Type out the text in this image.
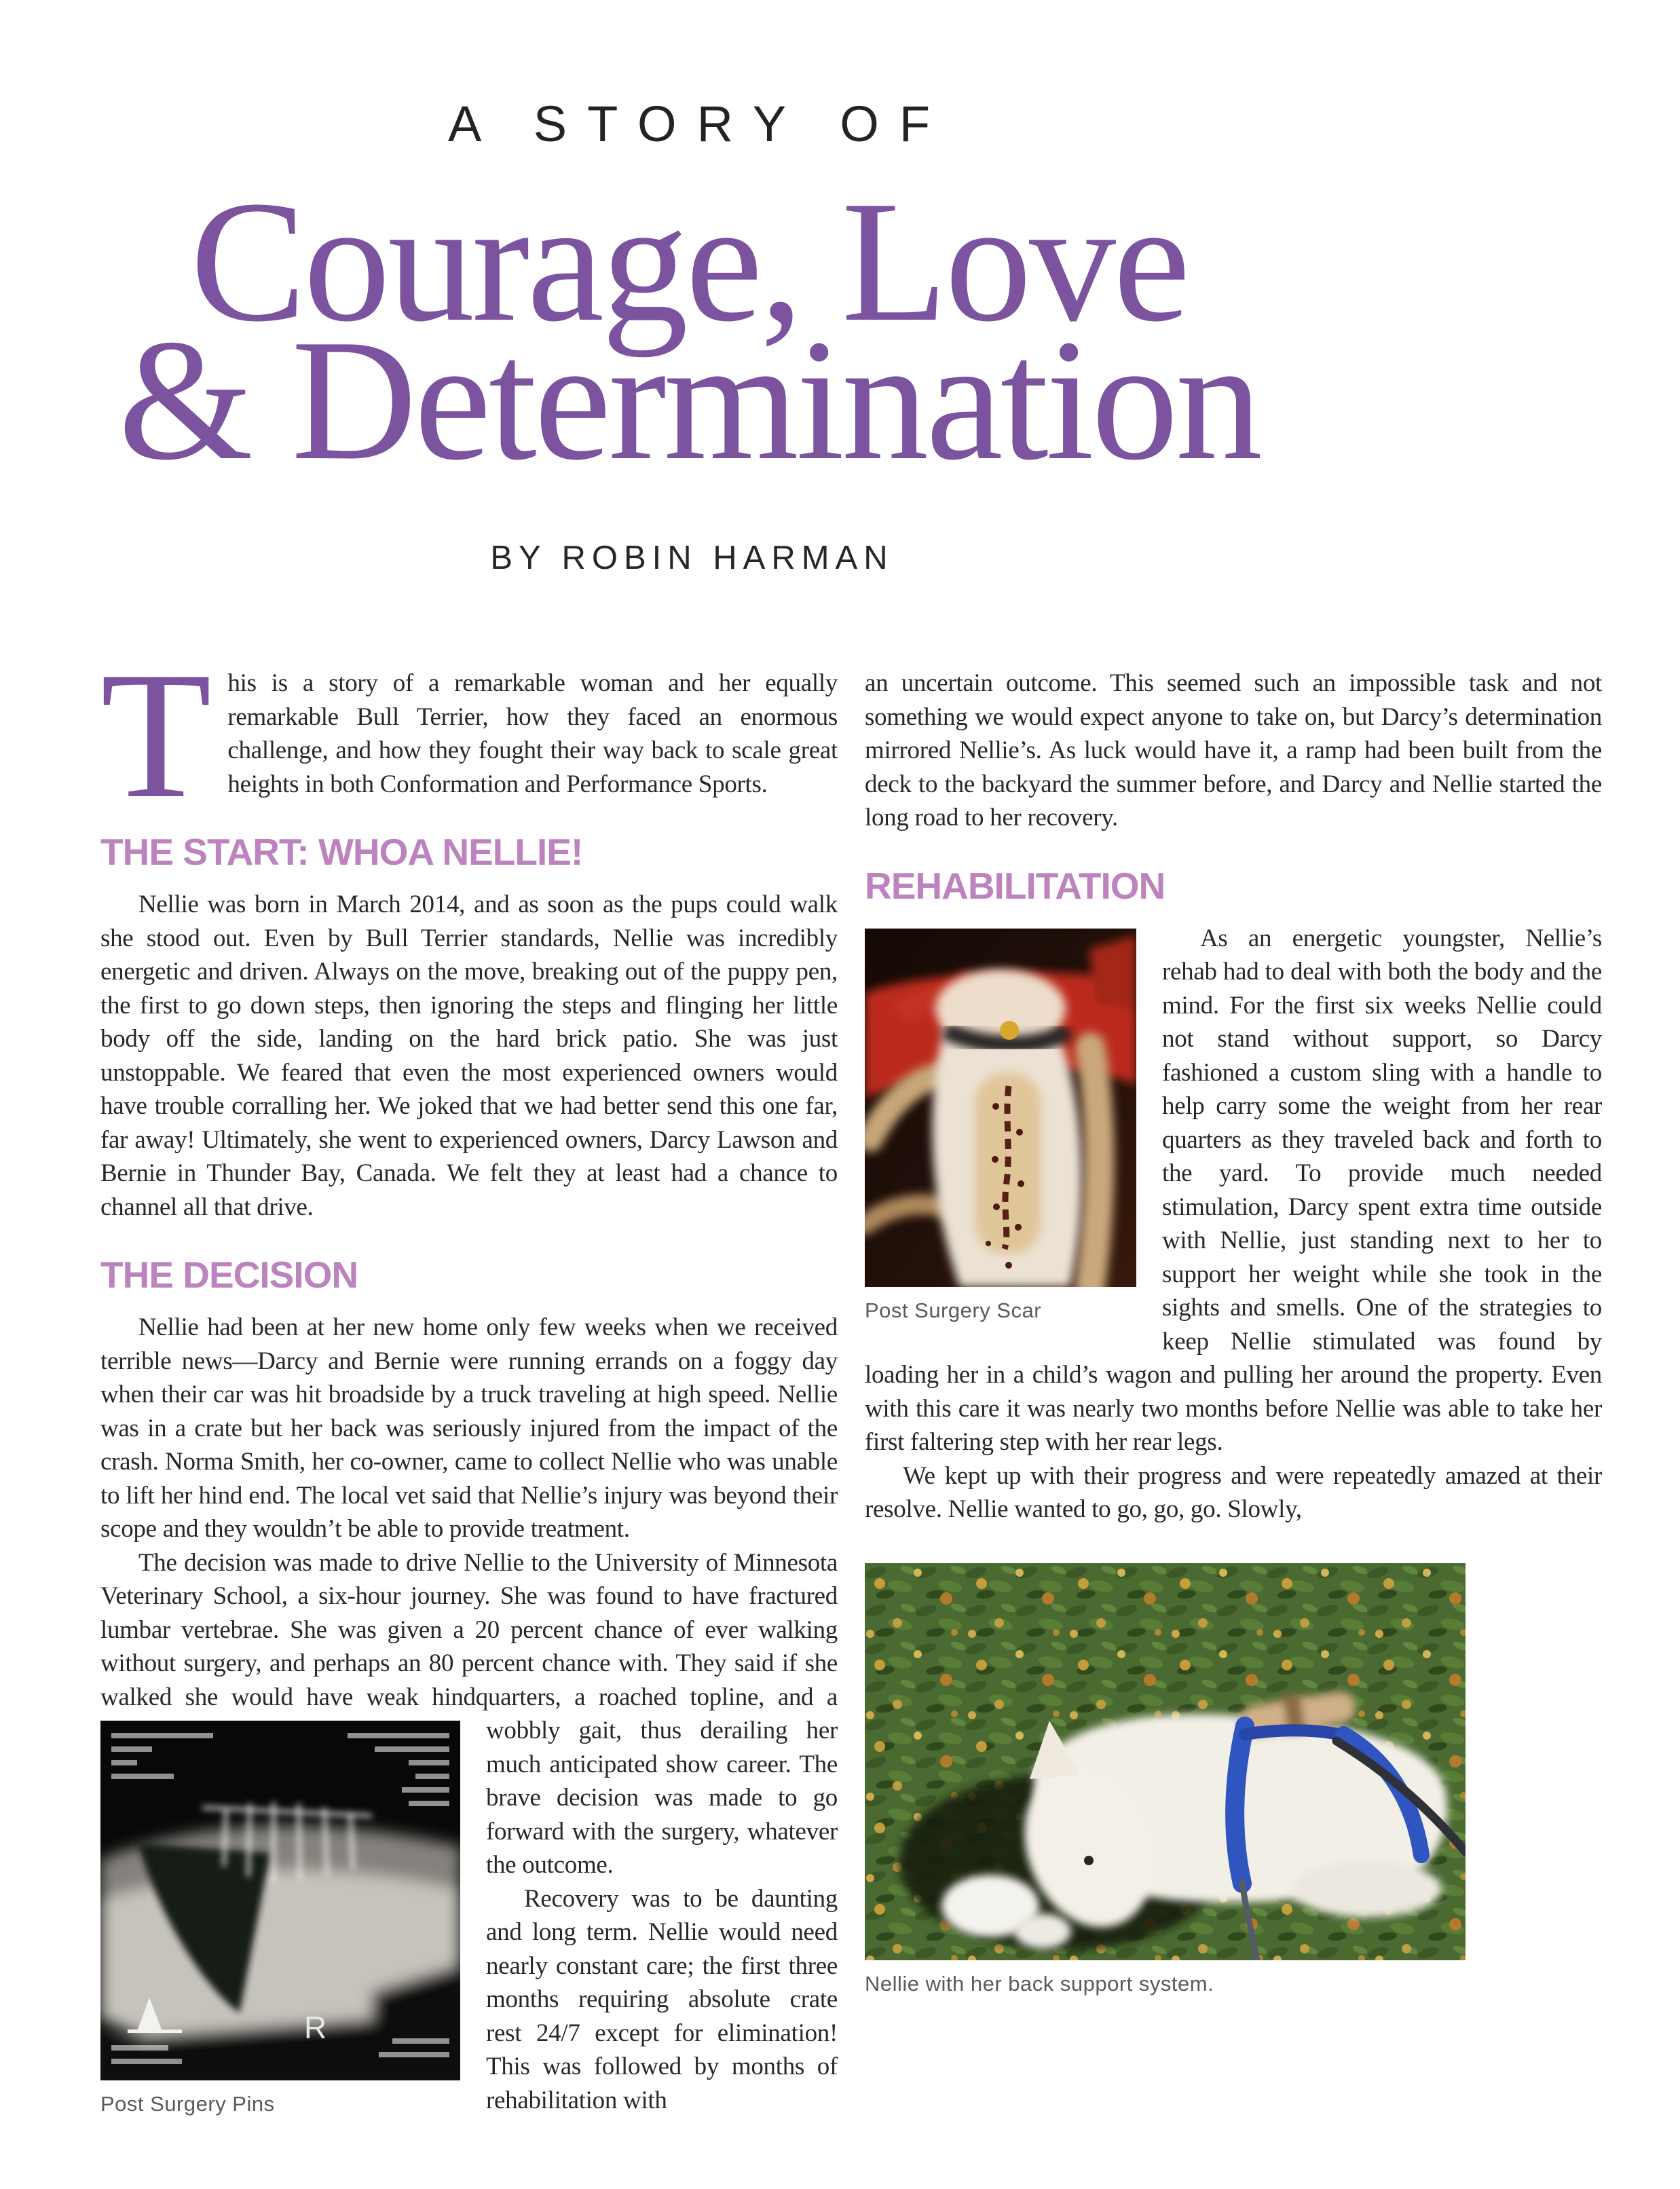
A STORY OF
Courage, Love
& Determination
BY ROBIN HARMAN

This is a story of a remarkable woman and her equally remarkable Bull Terrier, how they faced an enormous challenge, and how they fought their way back to scale great heights in both Conformation and Performance Sports.

THE START: WHOA NELLIE!

Nellie was born in March 2014, and as soon as the pups could walk she stood out. Even by Bull Terrier standards, Nellie was incredibly energetic and driven. Always on the move, breaking out of the puppy pen, the first to go down steps, then ignoring the steps and flinging her little body off the side, landing on the hard brick patio. She was just unstoppable. We feared that even the most experienced owners would have trouble corralling her. We joked that we had better send this one far, far away! Ultimately, she went to experienced owners, Darcy Lawson and Bernie in Thunder Bay, Canada. We felt they at least had a chance to channel all that drive.

THE DECISION

Nellie had been at her new home only few weeks when we received terrible news—Darcy and Bernie were running errands on a foggy day when their car was hit broadside by a truck traveling at high speed. Nellie was in a crate but her back was seriously injured from the impact of the crash. Norma Smith, her co-owner, came to collect Nellie who was unable to lift her hind end. The local vet said that Nellie’s injury was beyond their scope and they wouldn’t be able to provide treatment.

The decision was made to drive Nellie to the University of Minnesota Veterinary School, a six-hour journey. She was found to have fractured lumbar vertebrae. She was given a 20 percent chance of ever walking without surgery, and perhaps an 80 percent chance with. They said if she walked she would have weak hindquarters, a roached topline,
R
Post Surgery Pins
and a wobbly gait, thus derailing her much anticipated show career. The brave decision was made to go forward with the surgery, whatever the outcome.

Recovery was to be daunting and long term. Nellie would need nearly constant care; the first three months requiring absolute crate rest 24/7 except for elimination! This was followed by months of rehabilitation with

an uncertain outcome. This seemed such an impossible task and not something we would expect anyone to take on, but Darcy’s determination mirrored Nellie’s. As luck would have it, a ramp had been built from the deck to the backyard the summer before, and Darcy and Nellie started the long road to her recovery.

REHABILITATION

Post Surgery Scar
As an energetic youngster, Nellie’s rehab had to deal with both the body and the mind. For the first six weeks Nellie could not stand without support, so Darcy fashioned a custom sling with a handle to help carry some the weight from her rear quarters as they traveled back and forth to the yard. To provide much needed stimulation, Darcy spent extra time outside with Nellie, just standing next to her to support her weight while she took in the sights and smells. One of the strategies to keep Nellie stimulated was found by loading her in a child’s wagon and pulling her around the property. Even with this care it was nearly two months before Nellie was able to take her first faltering step with her rear legs.

We kept up with their progress and were repeatedly amazed at their resolve. Nellie wanted to go, go, go. Slowly,

Nellie with her back support system.
